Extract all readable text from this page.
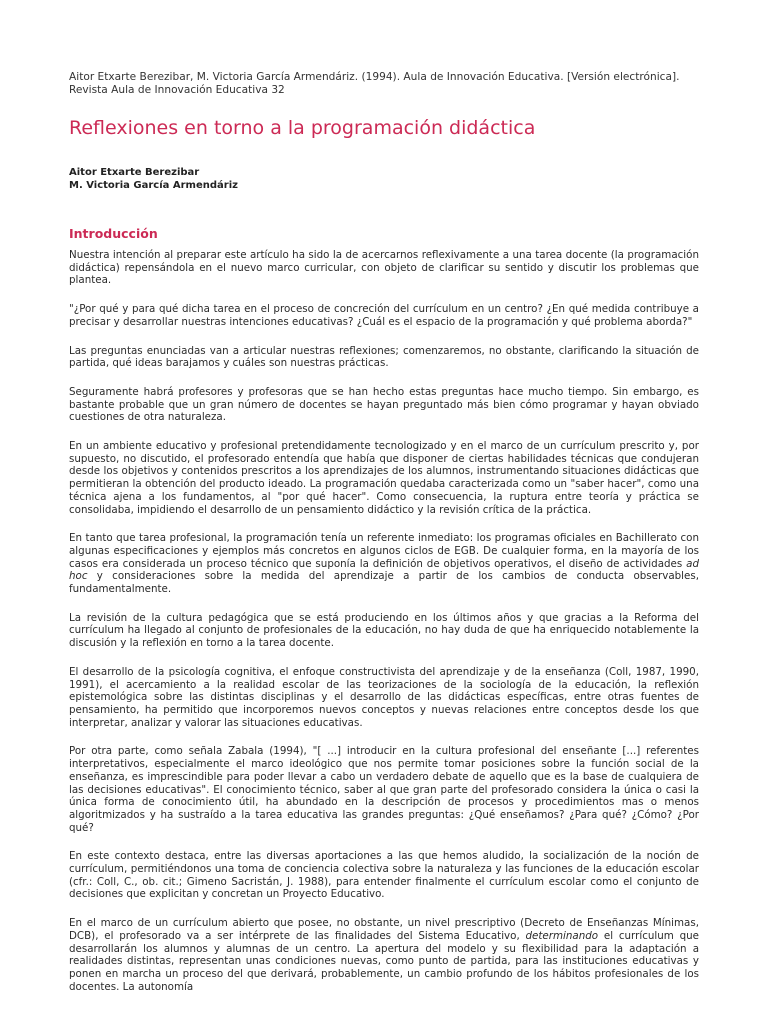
Aitor Etxarte Berezibar, M. Victoria García Armendáriz. (1994). Aula de Innovación Educativa. [Versión electrónica]. Revista Aula de Innovación Educativa 32
Reflexiones en torno a la programación didáctica
Aitor Etxarte Berezibar
M. Victoria García Armendáriz
Introducción

Nuestra intención al preparar este artículo ha sido la de acercarnos reflexivamente a una tarea docente (la programación didáctica) repensándola en el nuevo marco curricular, con objeto de clarificar su sentido y discutir los problemas que plantea.

"¿Por qué y para qué dicha tarea en el proceso de concreción del currículum en un centro? ¿En qué medida contribuye a precisar y desarrollar nuestras intenciones educativas? ¿Cuál es el espacio de la programación y qué problema aborda?"

Las preguntas enunciadas van a articular nuestras reflexiones; comenzaremos, no obstante, clarificando la situación de partida, qué ideas barajamos y cuáles son nuestras prácticas.

Seguramente habrá profesores y profesoras que se han hecho estas preguntas hace mucho tiempo. Sin embargo, es bastante probable que un gran número de docentes se hayan preguntado más bien cómo programar y hayan obviado cuestiones de otra naturaleza.

En un ambiente educativo y profesional pretendidamente tecnologizado y en el marco de un currículum prescrito y, por supuesto, no discutido, el profesorado entendía que había que disponer de ciertas habilidades técnicas que condujeran desde los objetivos y contenidos prescritos a los aprendizajes de los alumnos, instrumentando situaciones didácticas que permitieran la obtención del producto ideado. La programación quedaba caracterizada como un "saber hacer", como una técnica ajena a los fundamentos, al "por qué hacer". Como consecuencia, la ruptura entre teoría y práctica se consolidaba, impidiendo el desarrollo de un pensamiento didáctico y la revisión crítica de la práctica.

En tanto que tarea profesional, la programación tenía un referente inmediato: los programas oficiales en Bachillerato con algunas especificaciones y ejemplos más concretos en algunos ciclos de EGB. De cualquier forma, en la mayoría de los casos era considerada un proceso técnico que suponía la definición de objetivos operativos, el diseño de actividades ad hoc y consideraciones sobre la medida del aprendizaje a partir de los cambios de conducta observables, fundamentalmente.

La revisión de la cultura pedagógica que se está produciendo en los últimos años y que gracias a la Reforma del currículum ha llegado al conjunto de profesionales de la educación, no hay duda de que ha enriquecido notablemente la discusión y la reflexión en torno a la tarea docente.

El desarrollo de la psicología cognitiva, el enfoque constructivista del aprendizaje y de la enseñanza (Coll, 1987, 1990, 1991), el acercamiento a la realidad escolar de las teorizaciones de la sociología de la educación, la reflexión epistemológica sobre las distintas disciplinas y el desarrollo de las didácticas específicas, entre otras fuentes de pensamiento, ha permitido que incorporemos nuevos conceptos y nuevas relaciones entre conceptos desde los que interpretar, analizar y valorar las situaciones educativas.

Por otra parte, como señala Zabala (1994), "[ ...] introducir en la cultura profesional del enseñante [...] referentes interpretativos, especialmente el marco ideológico que nos permite tomar posiciones sobre la función social de la enseñanza, es imprescindible para poder llevar a cabo un verdadero debate de aquello que es la base de cualquiera de las decisiones educativas". El conocimiento técnico, saber al que gran parte del profesorado considera la única o casi la única forma de conocimiento útil, ha abundado en la descripción de procesos y procedimientos mas o menos algoritmizados y ha sustraído a la tarea educativa las grandes preguntas: ¿Qué enseñamos? ¿Para qué? ¿Cómo? ¿Por qué?

En este contexto destaca, entre las diversas aportaciones a las que hemos aludido, la socialización de la noción de currículum, permitiéndonos una toma de conciencia colectiva sobre la naturaleza y las funciones de la educación escolar (cfr.: Coll, C., ob. cit.; Gimeno Sacristán, J. 1988), para entender finalmente el currículum escolar como el conjunto de decisiones que explicitan y concretan un Proyecto Educativo.

En el marco de un currículum abierto que posee, no obstante, un nivel prescriptivo (Decreto de Enseñanzas Mínimas, DCB), el profesorado va a ser intérprete de las finalidades del Sistema Educativo, determinando el currículum que desarrollarán los alumnos y alumnas de un centro. La apertura del modelo y su flexibilidad para la adaptación a realidades distintas, representan unas condiciones nuevas, como punto de partida, para las instituciones educativas y ponen en marcha un proceso del que derivará, probablemente, un cambio profundo de los hábitos profesionales de los docentes. La autonomía
